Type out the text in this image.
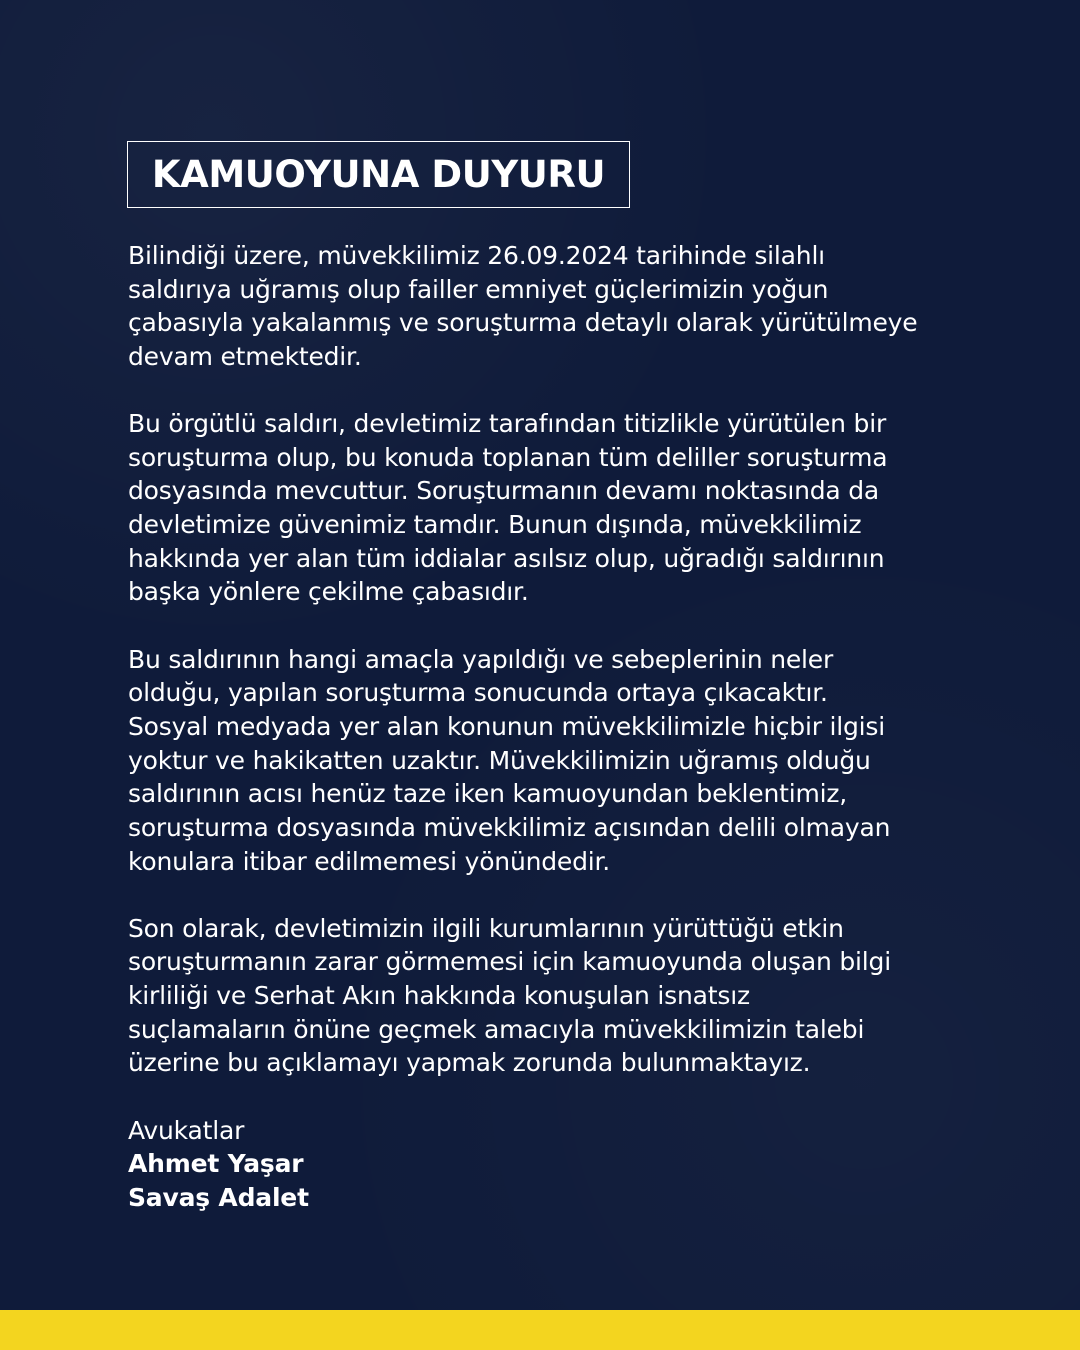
KAMUOYUNA DUYURU
Bilindiği üzere, müvekkilimiz 26.09.2024 tarihinde silahlı
saldırıya uğramış olup failler emniyet güçlerimizin yoğun
çabasıyla yakalanmış ve soruşturma detaylı olarak yürütülmeye
devam etmektedir.
Bu örgütlü saldırı, devletimiz tarafından titizlikle yürütülen bir
soruşturma olup, bu konuda toplanan tüm deliller soruşturma
dosyasında mevcuttur. Soruşturmanın devamı noktasında da
devletimize güvenimiz tamdır. Bunun dışında, müvekkilimiz
hakkında yer alan tüm iddialar asılsız olup, uğradığı saldırının
başka yönlere çekilme çabasıdır.
Bu saldırının hangi amaçla yapıldığı ve sebeplerinin neler
olduğu, yapılan soruşturma sonucunda ortaya çıkacaktır.
Sosyal medyada yer alan konunun müvekkilimizle hiçbir ilgisi
yoktur ve hakikatten uzaktır. Müvekkilimizin uğramış olduğu
saldırının acısı henüz taze iken kamuoyundan beklentimiz,
soruşturma dosyasında müvekkilimiz açısından delili olmayan
konulara itibar edilmemesi yönündedir.
Son olarak, devletimizin ilgili kurumlarının yürüttüğü etkin
soruşturmanın zarar görmemesi için kamuoyunda oluşan bilgi
kirliliği ve Serhat Akın hakkında konuşulan isnatsız
suçlamaların önüne geçmek amacıyla müvekkilimizin talebi
üzerine bu açıklamayı yapmak zorunda bulunmaktayız.
Avukatlar
Ahmet Yaşar
Savaş Adalet
